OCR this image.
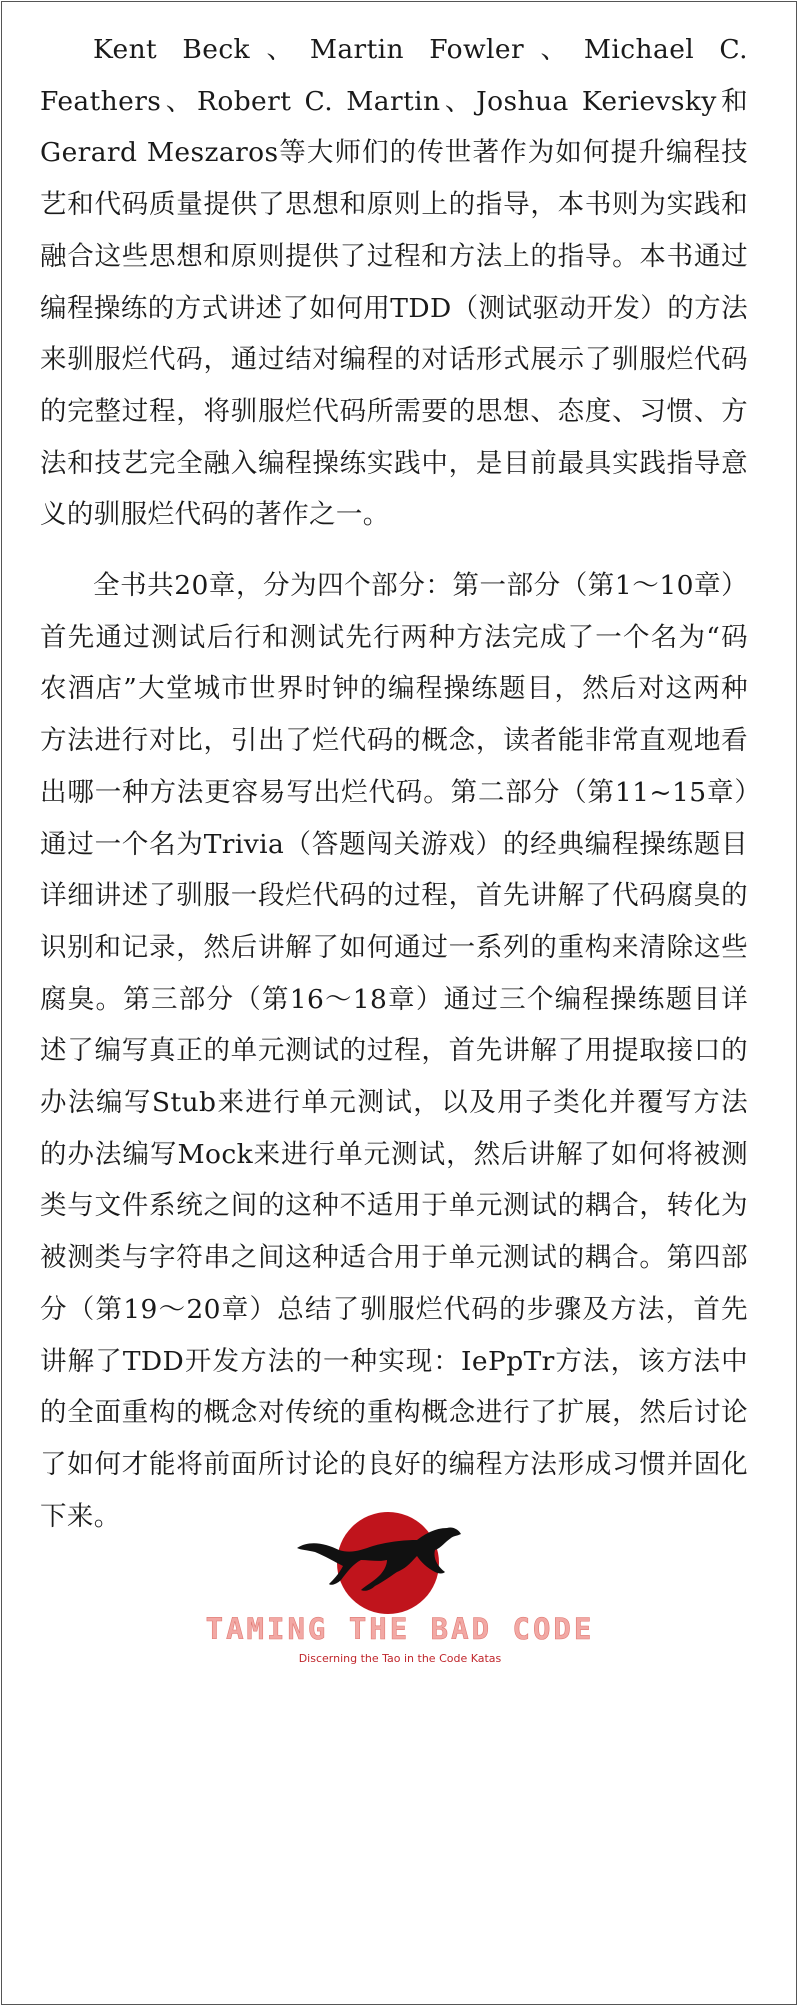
Kent Beck、Martin Fowler、Michael C. Feathers、Robert C. Martin、Joshua Kerievsky和Gerard Meszaros等大师们的传世著作为如何提升编程技艺和代码质量提供了思想和原则上的指导，本书则为实践和融合这些思想和原则提供了过程和方法上的指导。本书通过编程操练的方式讲述了如何用TDD（测试驱动开发）的方法来驯服烂代码，通过结对编程的对话形式展示了驯服烂代码的完整过程，将驯服烂代码所需要的思想、态度、习惯、方法和技艺完全融入编程操练实践中，是目前最具实践指导意义的驯服烂代码的著作之一。

全书共20章，分为四个部分：第一部分（第1～10章）首先通过测试后行和测试先行两种方法完成了一个名为“码农酒店”大堂城市世界时钟的编程操练题目，然后对这两种方法进行对比，引出了烂代码的概念，读者能非常直观地看出哪一种方法更容易写出烂代码。第二部分（第11~15章）通过一个名为Trivia（答题闯关游戏）的经典编程操练题目详细讲述了驯服一段烂代码的过程，首先讲解了代码腐臭的识别和记录，然后讲解了如何通过一系列的重构来清除这些腐臭。第三部分（第16～18章）通过三个编程操练题目详述了编写真正的单元测试的过程，首先讲解了用提取接口的办法编写Stub来进行单元测试，以及用子类化并覆写方法的办法编写Mock来进行单元测试，然后讲解了如何将被测类与文件系统之间的这种不适用于单元测试的耦合，转化为被测类与字符串之间这种适合用于单元测试的耦合。第四部分（第19～20章）总结了驯服烂代码的步骤及方法，首先讲解了TDD开发方法的一种实现：IePpTr方法，该方法中的全面重构的概念对传统的重构概念进行了扩展，然后讨论了如何才能将前面所讨论的良好的编程方法形成习惯并固化下来。

TAMING THE BAD CODE
Discerning the Tao in the Code Katas
